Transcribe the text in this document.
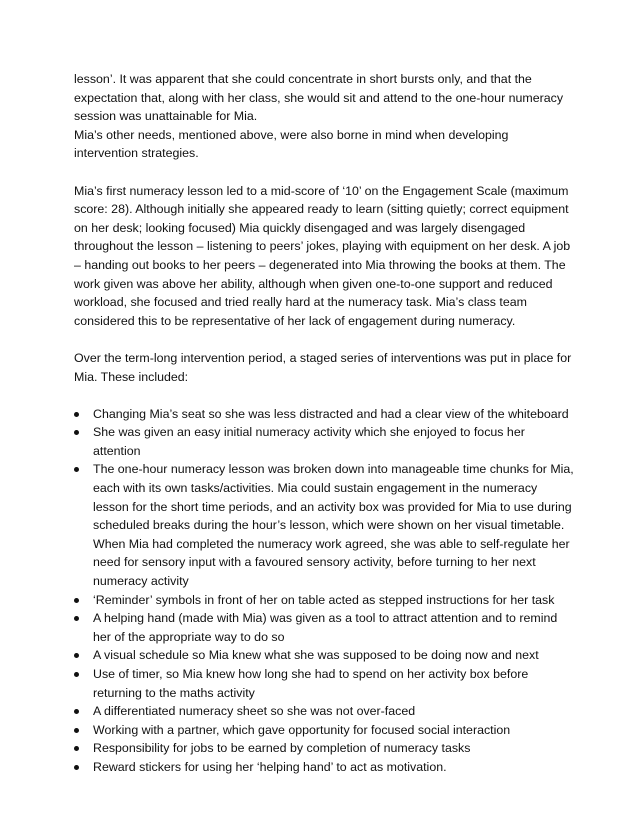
lesson’. It was apparent that she could concentrate in short bursts only, and that the expectation that, along with her class, she would sit and attend to the one-hour numeracy session was unattainable for Mia.

Mia’s other needs, mentioned above, were also borne in mind when developing intervention strategies.

Mia’s first numeracy lesson led to a mid-score of ‘10’ on the Engagement Scale (maximum score: 28). Although initially she appeared ready to learn (sitting quietly; correct equipment on her desk; looking focused) Mia quickly disengaged and was largely disengaged throughout the lesson – listening to peers’ jokes, playing with equipment on her desk. A job – handing out books to her peers – degenerated into Mia throwing the books at them. The work given was above her ability, although when given one-to-one support and reduced workload, she focused and tried really hard at the numeracy task. Mia’s class team considered this to be representative of her lack of engagement during numeracy.

Over the term-long intervention period, a staged series of interventions was put in place for Mia. These included:

Changing Mia’s seat so she was less distracted and had a clear view of the whiteboard
She was given an easy initial numeracy activity which she enjoyed to focus her attention
The one-hour numeracy lesson was broken down into manageable time chunks for Mia, each with its own tasks/activities. Mia could sustain engagement in the numeracy lesson for the short time periods, and an activity box was provided for Mia to use during scheduled breaks during the hour’s lesson, which were shown on her visual timetable. When Mia had completed the numeracy work agreed, she was able to self-regulate her need for sensory input with a favoured sensory activity, before turning to her next numeracy activity
‘Reminder’ symbols in front of her on table acted as stepped instructions for her task
A helping hand (made with Mia) was given as a tool to attract attention and to remind her of the appropriate way to do so
A visual schedule so Mia knew what she was supposed to be doing now and next
Use of timer, so Mia knew how long she had to spend on her activity box before returning to the maths activity
A differentiated numeracy sheet so she was not over-faced
Working with a partner, which gave opportunity for focused social interaction
Responsibility for jobs to be earned by completion of numeracy tasks
Reward stickers for using her ‘helping hand’ to act as motivation.
